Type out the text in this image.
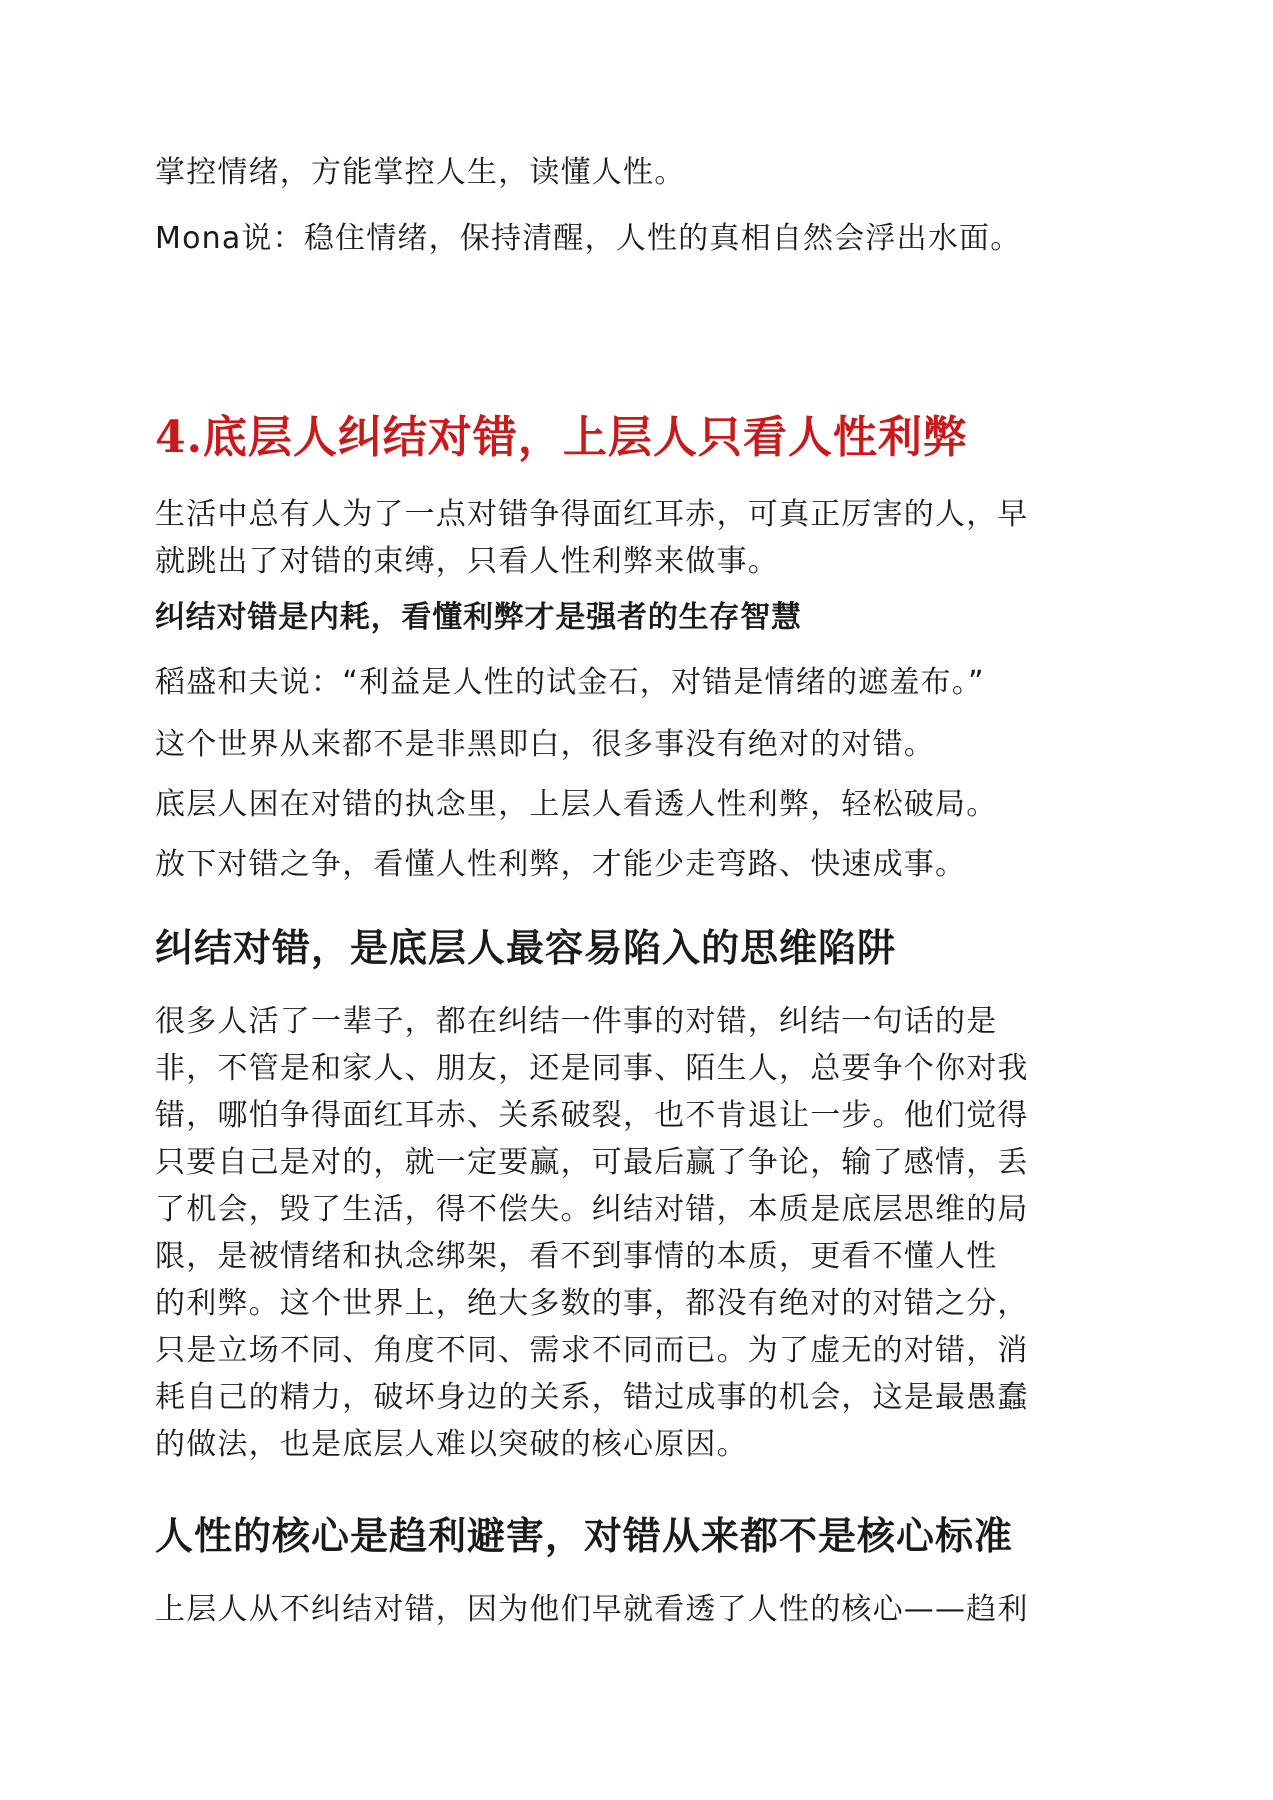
掌控情绪，方能掌控人生，读懂人性。

Mona说：稳住情绪，保持清醒，人性的真相自然会浮出水面。

4.底层人纠结对错，上层人只看人性利弊

生活中总有人为了一点对错争得面红耳赤，可真正厉害的人，早

就跳出了对错的束缚，只看人性利弊来做事。

纠结对错是内耗，看懂利弊才是强者的生存智慧

稻盛和夫说：“利益是人性的试金石，对错是情绪的遮羞布。”

这个世界从来都不是非黑即白，很多事没有绝对的对错。

底层人困在对错的执念里，上层人看透人性利弊，轻松破局。

放下对错之争，看懂人性利弊，才能少走弯路、快速成事。

纠结对错，是底层人最容易陷入的思维陷阱

很多人活了一辈子，都在纠结一件事的对错，纠结一句话的是

非，不管是和家人、朋友，还是同事、陌生人，总要争个你对我

错，哪怕争得面红耳赤、关系破裂，也不肯退让一步。他们觉得

只要自己是对的，就一定要赢，可最后赢了争论，输了感情，丢

了机会，毁了生活，得不偿失。纠结对错，本质是底层思维的局

限，是被情绪和执念绑架，看不到事情的本质，更看不懂人性

的利弊。这个世界上，绝大多数的事，都没有绝对的对错之分，

只是立场不同、角度不同、需求不同而已。为了虚无的对错，消

耗自己的精力，破坏身边的关系，错过成事的机会，这是最愚蠢

的做法，也是底层人难以突破的核心原因。

人性的核心是趋利避害，对错从来都不是核心标准

上层人从不纠结对错，因为他们早就看透了人性的核心——趋利
